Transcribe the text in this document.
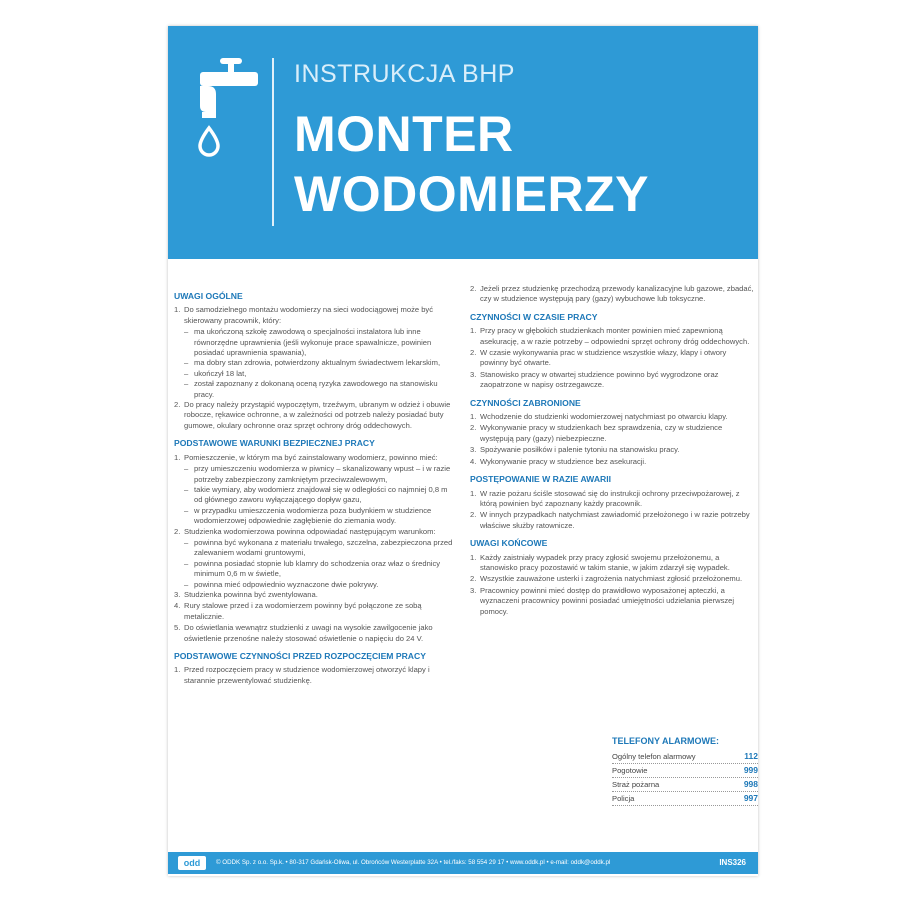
INSTRUKCJA BHP
MONTER
WODOMIERZY
UWAGI OGÓLNE
1. Do samodzielnego montażu wodomierzy na sieci wodociągowej może być skierowany pracownik, który:
– ma ukończoną szkołę zawodową o specjalności instalatora lub inne równorzędne uprawnienia (jeśli wykonuje prace spawalnicze, powinien posiadać uprawnienia spawania),
– ma dobry stan zdrowia, potwierdzony aktualnym świadectwem lekarskim,
– ukończył 18 lat,
– został zapoznany z dokonaną oceną ryzyka zawodowego na stanowisku pracy.
2. Do pracy należy przystąpić wypoczętym, trzeźwym, ubranym w odzież i obuwie robocze, rękawice ochronne, a w zależności od potrzeb należy posiadać buty gumowe, okulary ochronne oraz sprzęt ochrony dróg oddechowych.
PODSTAWOWE WARUNKI BEZPIECZNEJ PRACY
1. Pomieszczenie, w którym ma być zainstalowany wodomierz, powinno mieć:
– przy umieszczeniu wodomierza w piwnicy – skanalizowany wpust – i w razie potrzeby zabezpieczony zamkniętym przeciwzalewowym,
– takie wymiary, aby wodomierz znajdował się w odległości co najmniej 0,8 m od głównego zaworu wyłączającego dopływ gazu,
– w przypadku umieszczenia wodomierza poza budynkiem w studzience wodomierzowej odpowiednie zagłębienie do ziemania wody.
2. Studzienka wodomierzowa powinna odpowiadać następującym warunkom:
– powinna być wykonana z materiału trwałego, szczelna, zabezpieczona przed zalewaniem wodami gruntowymi,
– powinna posiadać stopnie lub klamry do schodzenia oraz właz o średnicy minimum 0,6 m w świetle,
– powinna mieć odpowiednio wyznaczone dwie pokrywy.
3. Studzienka powinna być zwentylowana.
4. Rury stalowe przed i za wodomierzem powinny być połączone ze sobą metalicznie.
5. Do oświetlania wewnątrz studzienki z uwagi na wysokie zawilgocenie jako oświetlenie przenośne należy stosować oświetlenie o napięciu do 24 V.
PODSTAWOWE CZYNNOŚCI PRZED ROZPOCZĘCIEM PRACY
1. Przed rozpoczęciem pracy w studzience wodomierzowej otworzyć klapy i starannie przewentylować studzienkę.
2. Jeżeli przez studzienkę przechodzą przewody kanalizacyjne lub gazowe, zbadać, czy w studzience występują pary (gazy) wybuchowe lub toksyczne.
CZYNNOŚCI W CZASIE PRACY
1. Przy pracy w głębokich studzienkach monter powinien mieć zapewnioną asekurację, a w razie potrzeby – odpowiedni sprzęt ochrony dróg oddechowych.
2. W czasie wykonywania prac w studzience wszystkie włazy, klapy i otwory powinny być otwarte.
3. Stanowisko pracy w otwartej studzience powinno być wygrodzone oraz zaopatrzone w napisy ostrzegawcze.
CZYNNOŚCI ZABRONIONE
1. Wchodzenie do studzienki wodomierzowej natychmiast po otwarciu klapy.
2. Wykonywanie pracy w studzienkach bez sprawdzenia, czy w studzience występują pary (gazy) niebezpieczne.
3. Spożywanie posiłków i palenie tytoniu na stanowisku pracy.
4. Wykonywanie pracy w studzience bez asekuracji.
POSTĘPOWANIE W RAZIE AWARII
1. W razie pożaru ściśle stosować się do instrukcji ochrony przeciwpożarowej, z którą powinien być zapoznany każdy pracownik.
2. W innych przypadkach natychmiast zawiadomić przełożonego i w razie potrzeby właściwe służby ratownicze.
UWAGI KOŃCOWE
1. Każdy zaistniały wypadek przy pracy zgłosić swojemu przełożonemu, a stanowisko pracy pozostawić w takim stanie, w jakim zdarzył się wypadek.
2. Wszystkie zauważone usterki i zagrożenia natychmiast zgłosić przełożonemu.
3. Pracownicy powinni mieć dostęp do prawidłowo wyposażonej apteczki, a wyznaczeni pracownicy powinni posiadać umiejętności udzielania pierwszej pomocy.
TELEFONY ALARMOWE:
Ogólny telefon alarmowy	112
Pogotowie	999
Straż pożarna	998
Policja	997
odd	© ODDK Sp. z o.o. Sp.k. • 80-317 Gdańsk-Oliwa, ul. Obrońców Westerplatte 32A • tel./faks: 58 554 29 17 • www.oddk.pl • e-mail: oddk@oddk.pl	INS326
